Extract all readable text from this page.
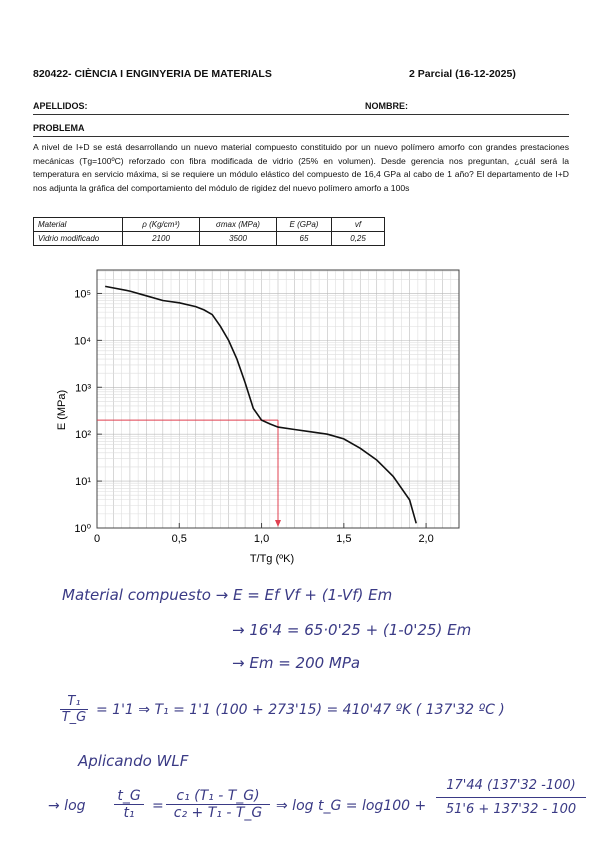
820422- CIÈNCIA I ENGINYERIA DE MATERIALS	2 Parcial (16-12-2025)
APELLIDOS:	NOMBRE:
PROBLEMA
A nivel de I+D se está desarrollando un nuevo material compuesto constituido por un nuevo polímero amorfo con grandes prestaciones mecánicas (Tg=100ºC) reforzado con fibra modificada de vidrio (25% en volumen). Desde gerencia nos preguntan, ¿cuál será la temperatura en servicio máxima, si se requiere un módulo elástico del compuesto de 16,4 GPa al cabo de 1 año? El departamento de I+D nos adjunta la gráfica del comportamiento del módulo de rigidez del nuevo polímero amorfo a 100s
Material	ρ (Kg/cm³)	σmax (MPa)	E (GPa)	vf
Vidrio modificado	2100	3500	65	0,25
0	0,5	1,0	1,5	2,0
10⁰
10¹
10²
10³
10⁴
10⁵
E (MPa)
T/Tg (ºK)
Material compuesto → E = Ef Vf + (1-Vf) Em
→ 16'4 = 65·0'25 + (1-0'25) Em
→ Em = 200 MPa
$\frac{\text{T₁}}{T\_G} = 1'1$ ⇒ T₁ = 1'1 (100 + 273'15) = 410'47 ºK ( 137'32 ºC )
Aplicando WLF
→ $\log \frac{t\_G}{\text{t₁}} = \frac{\text{c₁ (T₁ - T\_G)}}{\text{c₂ + T₁ - T\_G}}$ ⇒ log t_G = $\log 100 + \frac{17'44 (137'32 -100)}{51'6 + 137'32 - 100}$
